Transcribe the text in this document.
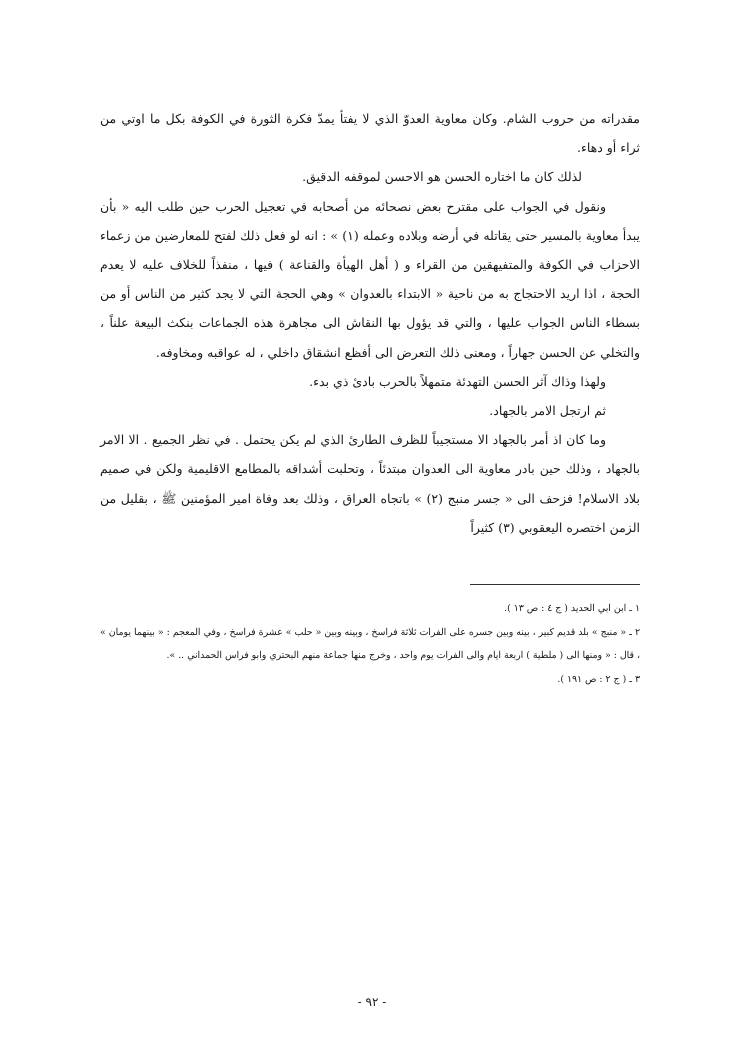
مقدراته من حروب الشام. وكان معاوية العدوّ الذي لا يفتأ يمدّ فكرة الثورة في الكوفة بكل ما اوتي من ثراء أو دهاء.

لذلك كان ما اختاره الحسن هو الاحسن لموقفه الدقيق.

ونقول في الجواب على مقترح بعض نصحائه من أصحابه في تعجيل الحرب حين طلب اليه « بأن يبدأ معاوية بالمسير حتى يقاتله في أرضه وبلاده وعمله (١) » : انه لو فعل ذلك لفتح للمعارضين من زعماء الاحزاب في الكوفة والمتفيهقين من القراء و ( أهل الهيأة والقناعة ) فيها ، منفذاً للخلاف عليه لا يعدم الحجة ، اذا اريد الاحتجاج به من ناحية « الابتداء بالعدوان » وهي الحجة التي لا يجد كثير من الناس أو من بسطاء الناس الجواب عليها ، والتي قد يؤول بها النقاش الى مجاهرة هذه الجماعات بنكث البيعة علناً ، والتخلي عن الحسن جهاراً ، ومعنى ذلك التعرض الى أفظع انشقاق داخلي ، له عواقبه ومخاوفه.

ولهذا وذاك آثر الحسن التهدئة متمهلاً بالحرب بادئ ذي بدء.

ثم ارتجل الامر بالجهاد.

وما كان اذ أمر بالجهاد الا مستجيباً للظرف الطارئ الذي لم يكن يحتمل . في نظر الجميع . الا الامر بالجهاد ، وذلك حين بادر معاوية الى العدوان مبتدئاً ، وتحلبت أشداقه بالمطامع الاقليمية ولكن في صميم بلاد الاسلام! فزحف الى « جسر منبج (٢) » باتجاه العراق ، وذلك بعد وفاة امير المؤمنين ﷺ ، بقليل من الزمن اختصره اليعقوبي (٣) كثيراً

١ ـ ابن ابي الحديد ( ج ٤ : ص ١٣ ).

٢ ـ « منبج » بلد قديم كبير ، بينه وبين جسره على الفرات ثلاثة فراسخ ، وبينه وبين « حلب » عشرة فراسخ ، وفي المعجم : « بينهما يومان » ، قال : « ومنها الى ( ملطية ) اربعة ايام والى الفرات يوم واحد ، وخرج منها جماعة منهم البحتري وابو فراس الحمداني .. ».

٣ ـ ( ج ٢ : ص ١٩١ ).

- ٩٢ -
